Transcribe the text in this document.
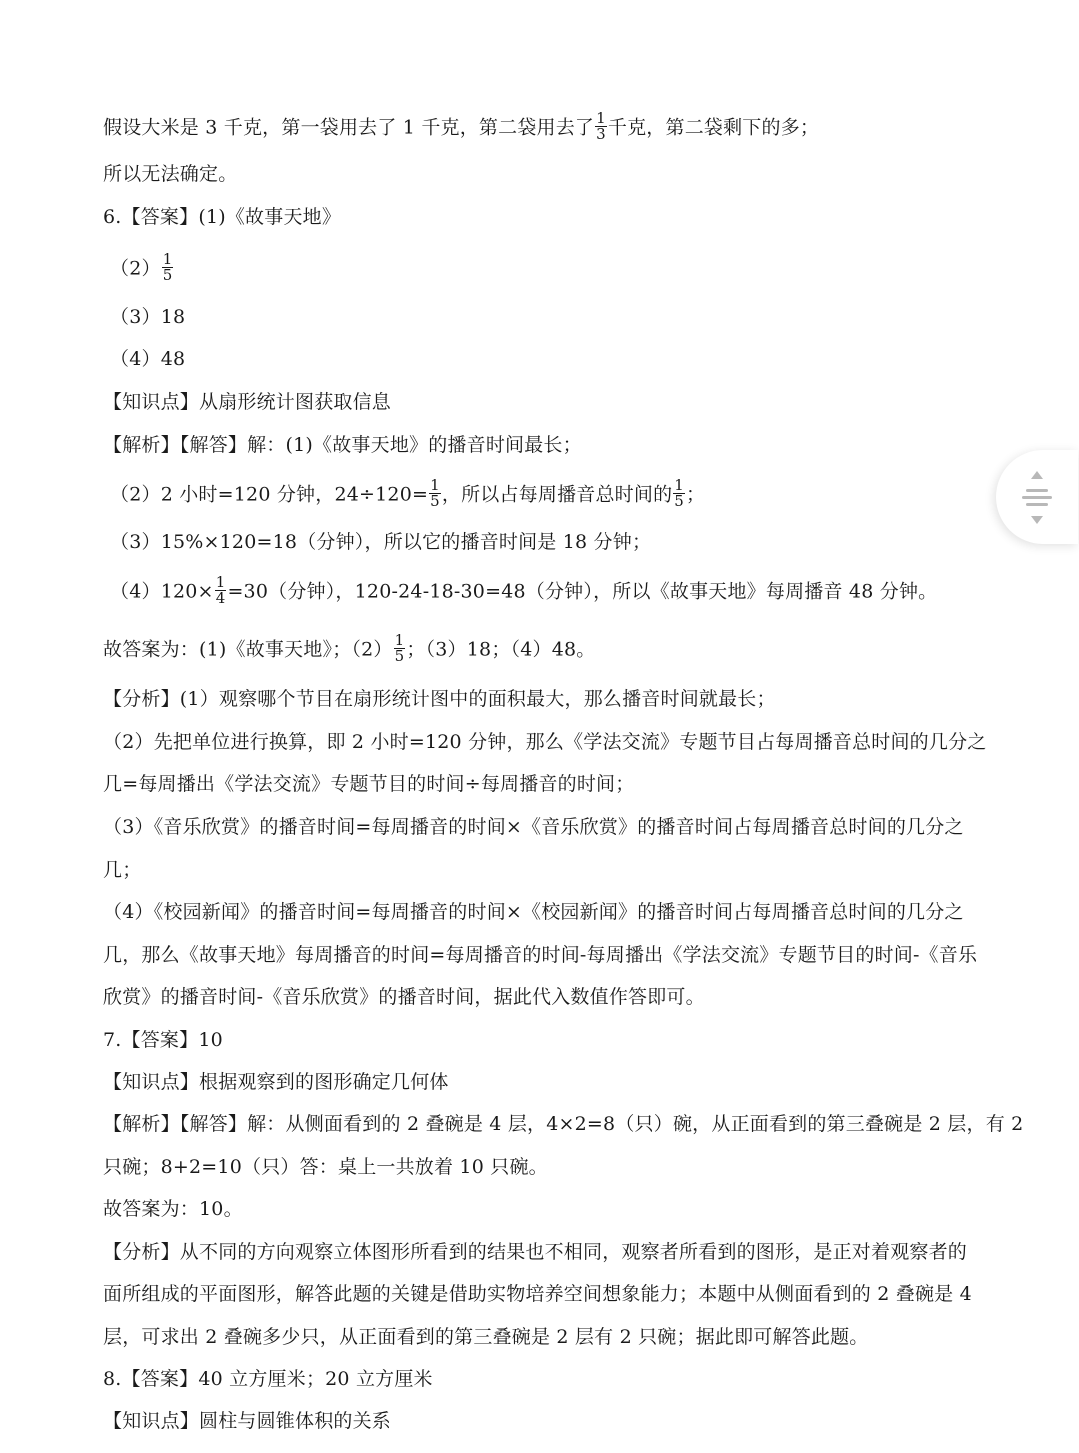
假设大米是 3 千克，第一袋用去了 1 千克，第二袋用去了 $\frac{1}{3}$ 千克，第二袋剩下的多；
所以无法确定。
6.【答案】(1)《故事天地》
$(2) \frac{1}{5}$
（3）18
（4）48
【知识点】从扇形统计图获取信息
【解析】【解答】解：(1)《故事天地》的播音时间最长；
（2）2 小时=120 分钟，$24\div 120= \frac{1}{5}$ ，所以占每周播音总时间的 $\frac{1}{5}$ ；
（3）15%×120=18（分钟），所以它的播音时间是 18 分钟；
$(4)120\times \frac{1}{4} =30$（分钟），120-24-18-30=48（分钟），所以《故事天地》每周播音 48 分钟。
故答案为：(1)《故事天地》；$(2) \frac{1}{5}$ ；（3）18；（4）48。
【分析】(1）观察哪个节目在扇形统计图中的面积最大，那么播音时间就最长；
（2）先把单位进行换算，即 2 小时=120 分钟，那么《学法交流》专题节目占每周播音总时间的几分之
几=每周播出《学法交流》专题节目的时间÷每周播音的时间；
（3）《音乐欣赏》的播音时间=每周播音的时间×《音乐欣赏》的播音时间占每周播音总时间的几分之
几；
（4）《校园新闻》的播音时间=每周播音的时间×《校园新闻》的播音时间占每周播音总时间的几分之
几，那么《故事天地》每周播音的时间=每周播音的时间-每周播出《学法交流》专题节目的时间-《音乐
欣赏》的播音时间-《音乐欣赏》的播音时间，据此代入数值作答即可。
7.【答案】10
【知识点】根据观察到的图形确定几何体
【解析】【解答】解：从侧面看到的 2 叠碗是 4 层，4×2=8（只）碗，从正面看到的第三叠碗是 2 层，有 2
只碗；8+2=10（只）答：桌上一共放着 10 只碗。
故答案为：10。
【分析】从不同的方向观察立体图形所看到的结果也不相同，观察者所看到的图形，是正对着观察者的
面所组成的平面图形，解答此题的关键是借助实物培养空间想象能力；本题中从侧面看到的 2 叠碗是 4
层，可求出 2 叠碗多少只，从正面看到的第三叠碗是 2 层有 2 只碗；据此即可解答此题。
8.【答案】40 立方厘米；20 立方厘米
【知识点】圆柱与圆锥体积的关系
